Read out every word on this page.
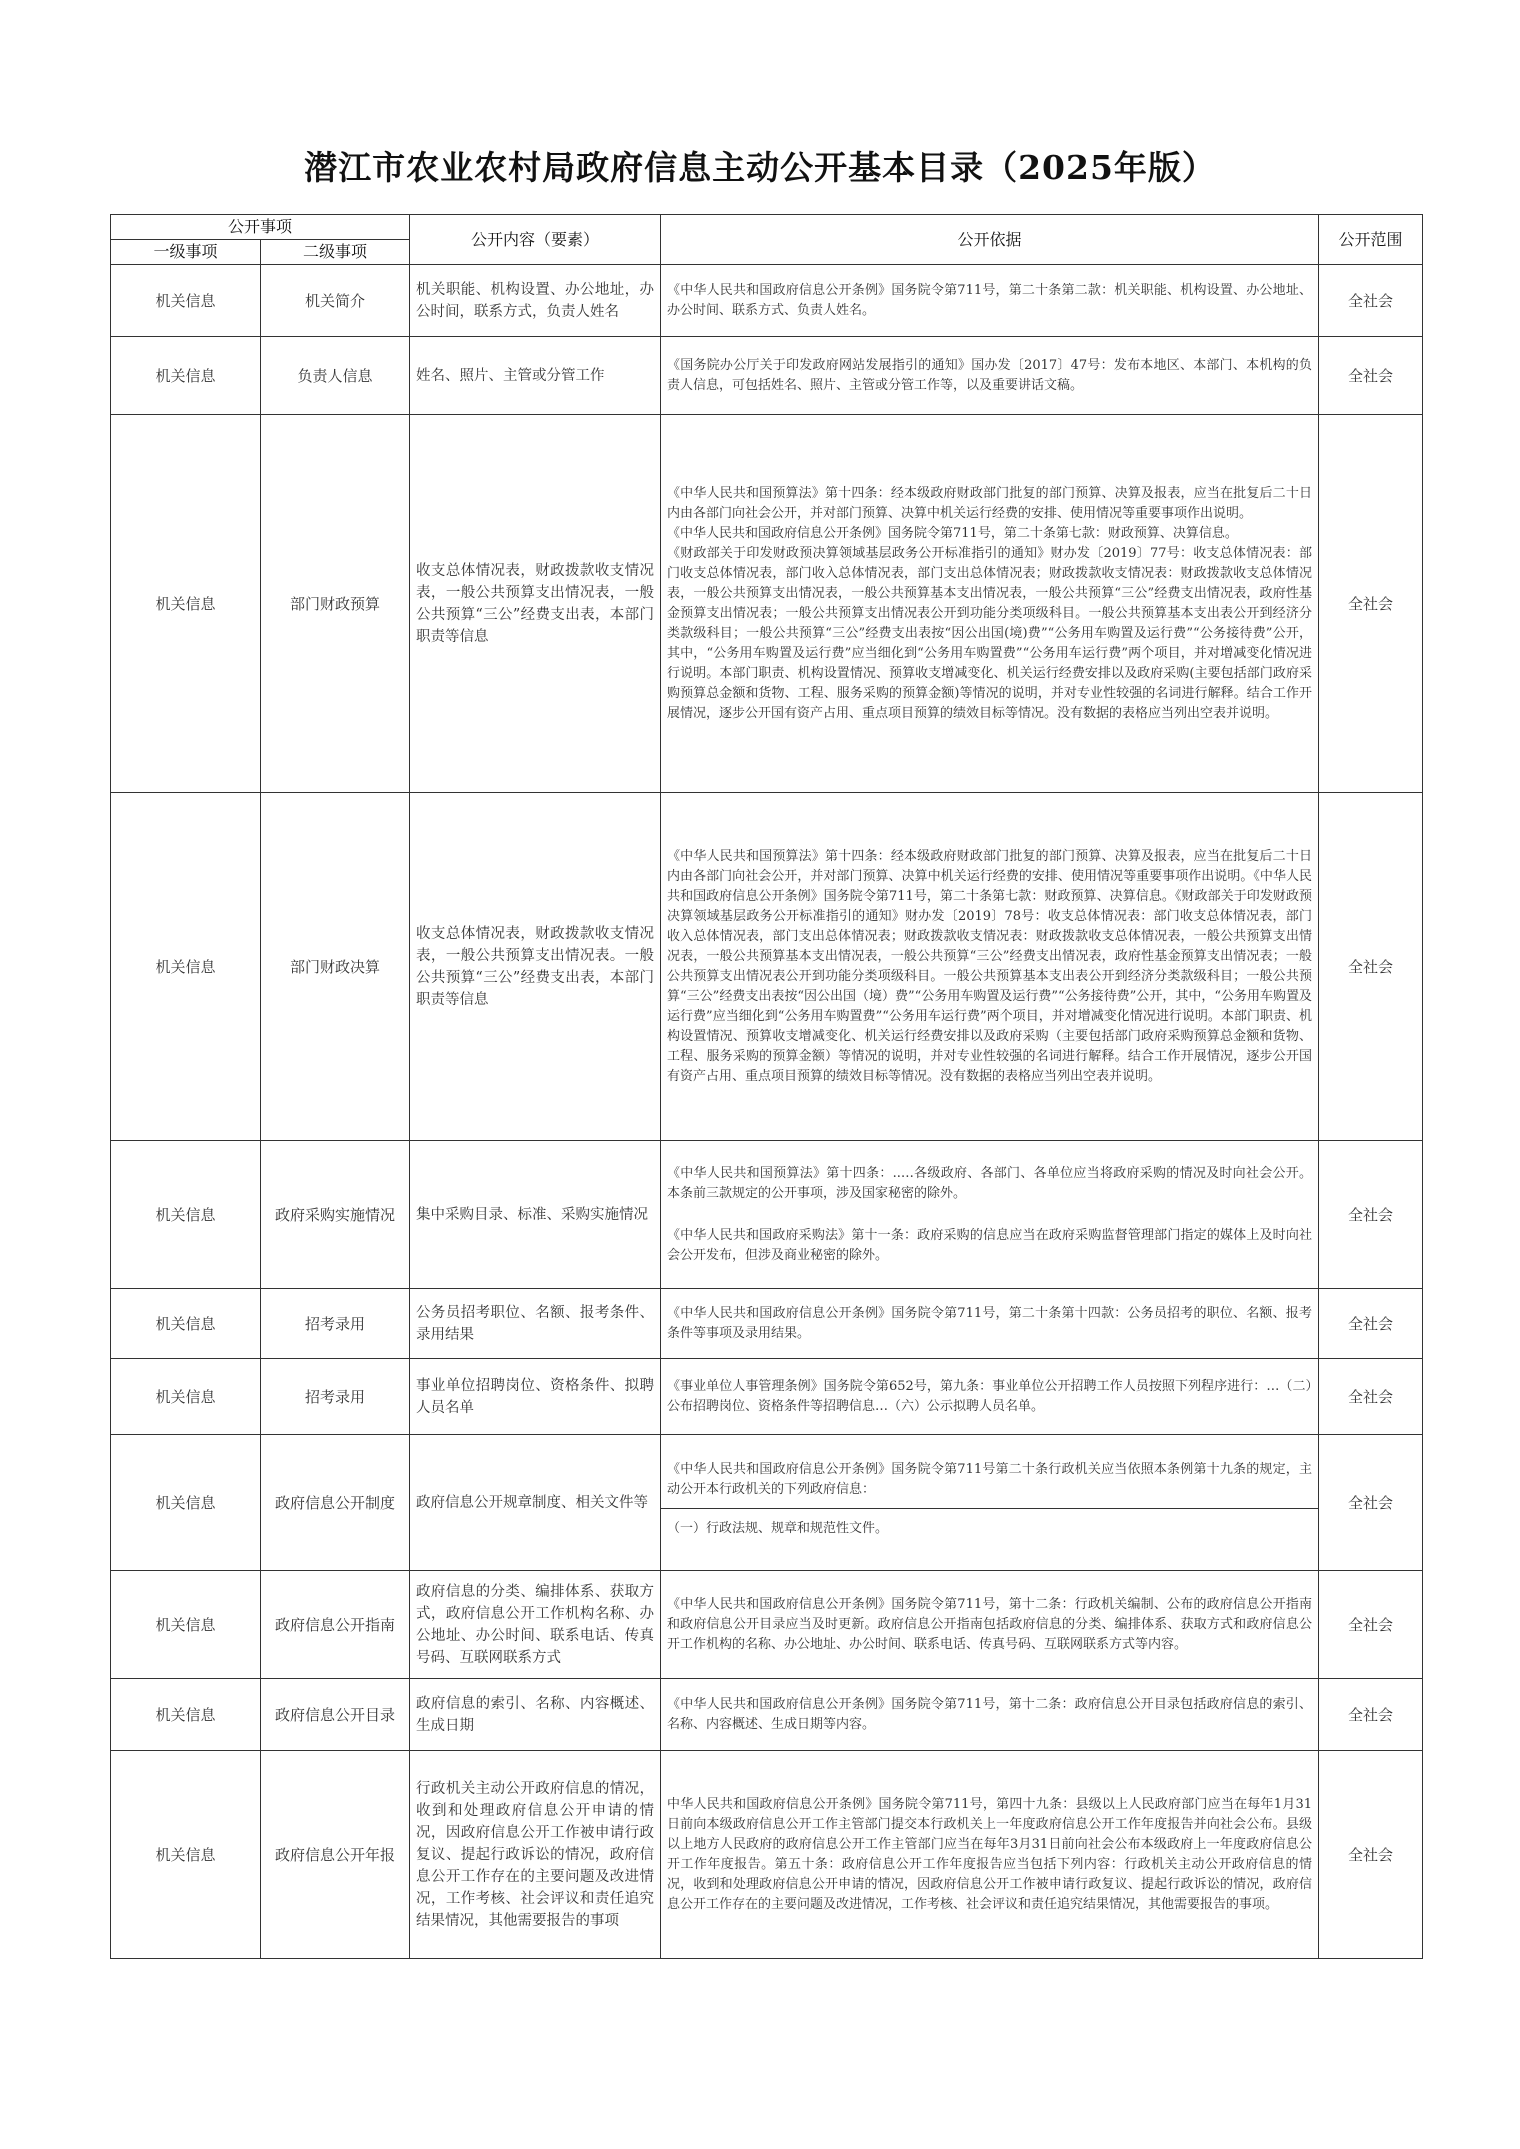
潜江市农业农村局政府信息主动公开基本目录（2025年版）
公开事项		公开内容（要素）	公开依据	公开范围
一级事项	二级事项			
机关信息	机关简介	机关职能、机构设置、办公地址，办公时间，联系方式，负责人姓名	《中华人民共和国政府信息公开条例》国务院令第711号，第二十条第二款：机关职能、机构设置、办公地址、办公时间、联系方式、负责人姓名。	全社会
机关信息	负责人信息	姓名、照片、主管或分管工作	《国务院办公厅关于印发政府网站发展指引的通知》国办发〔2017〕47号：发布本地区、本部门、本机构的负责人信息，可包括姓名、照片、主管或分管工作等，以及重要讲话文稿。	全社会
机关信息	部门财政预算	收支总体情况表，财政拨款收支情况表，一般公共预算支出情况表，一般公共预算“三公”经费支出表，本部门职责等信息	《中华人民共和国预算法》第十四条：经本级政府财政部门批复的部门预算、决算及报表，应当在批复后二十日内由各部门向社会公开，并对部门预算、决算中机关运行经费的安排、使用情况等重要事项作出说明。

《中华人民共和国政府信息公开条例》国务院令第711号，第二十条第七款：财政预算、决算信息。

《财政部关于印发财政预决算领域基层政务公开标准指引的通知》财办发〔2019〕77号：收支总体情况表：部门收支总体情况表，部门收入总体情况表，部门支出总体情况表；财政拨款收支情况表：财政拨款收支总体情况表，一般公共预算支出情况表，一般公共预算基本支出情况表，一般公共预算“三公”经费支出情况表，政府性基金预算支出情况表；一般公共预算支出情况表公开到功能分类项级科目。一般公共预算基本支出表公开到经济分类款级科目；一般公共预算“三公”经费支出表按“因公出国(境)费”“公务用车购置及运行费”“公务接待费”公开，其中，“公务用车购置及运行费”应当细化到“公务用车购置费”“公务用车运行费”两个项目，并对增减变化情况进行说明。本部门职责、机构设置情况、预算收支增减变化、机关运行经费安排以及政府采购(主要包括部门政府采购预算总金额和货物、工程、服务采购的预算金额)等情况的说明，并对专业性较强的名词进行解释。结合工作开展情况，逐步公开国有资产占用、重点项目预算的绩效目标等情况。没有数据的表格应当列出空表并说明。	全社会
机关信息	部门财政决算	收支总体情况表，财政拨款收支情况表，一般公共预算支出情况表。一般公共预算“三公”经费支出表，本部门职责等信息	《中华人民共和国预算法》第十四条：经本级政府财政部门批复的部门预算、决算及报表，应当在批复后二十日内由各部门向社会公开，并对部门预算、决算中机关运行经费的安排、使用情况等重要事项作出说明。《中华人民共和国政府信息公开条例》国务院令第711号，第二十条第七款：财政预算、决算信息。《财政部关于印发财政预决算领域基层政务公开标准指引的通知》财办发〔2019〕78号：收支总体情况表：部门收支总体情况表，部门收入总体情况表，部门支出总体情况表；财政拨款收支情况表：财政拨款收支总体情况表，一般公共预算支出情况表，一般公共预算基本支出情况表，一般公共预算“三公”经费支出情况表，政府性基金预算支出情况表；一般公共预算支出情况表公开到功能分类项级科目。一般公共预算基本支出表公开到经济分类款级科目；一般公共预算“三公”经费支出表按“因公出国（境）费”“公务用车购置及运行费”“公务接待费”公开，其中，“公务用车购置及运行费”应当细化到“公务用车购置费”“公务用车运行费”两个项目，并对增减变化情况进行说明。本部门职责、机构设置情况、预算收支增减变化、机关运行经费安排以及政府采购（主要包括部门政府采购预算总金额和货物、工程、服务采购的预算金额）等情况的说明，并对专业性较强的名词进行解释。结合工作开展情况，逐步公开国有资产占用、重点项目预算的绩效目标等情况。没有数据的表格应当列出空表并说明。	全社会
机关信息	政府采购实施情况	集中采购目录、标准、采购实施情况	《中华人民共和国预算法》第十四条：..…各级政府、各部门、各单位应当将政府采购的情况及时向社会公开。本条前三款规定的公开事项，涉及国家秘密的除外。

《中华人民共和国政府采购法》第十一条：政府采购的信息应当在政府采购监督管理部门指定的媒体上及时向社会公开发布，但涉及商业秘密的除外。	全社会
机关信息	招考录用	公务员招考职位、名额、报考条件、录用结果	《中华人民共和国政府信息公开条例》国务院令第711号，第二十条第十四款：公务员招考的职位、名额、报考条件等事项及录用结果。	全社会
机关信息	招考录用	事业单位招聘岗位、资格条件、拟聘人员名单	《事业单位人事管理条例》国务院令第652号，第九条：事业单位公开招聘工作人员按照下列程序进行：…（二）公布招聘岗位、资格条件等招聘信息…（六）公示拟聘人员名单。	全社会
机关信息	政府信息公开制度	政府信息公开规章制度、相关文件等	《中华人民共和国政府信息公开条例》国务院令第711号第二十条行政机关应当依照本条例第十九条的规定，主动公开本行政机关的下列政府信息：

（一）行政法规、规章和规范性文件。	全社会
机关信息	政府信息公开指南	政府信息的分类、编排体系、获取方式，政府信息公开工作机构名称、办公地址、办公时间、联系电话、传真号码、互联网联系方式	《中华人民共和国政府信息公开条例》国务院令第711号，第十二条：行政机关编制、公布的政府信息公开指南和政府信息公开目录应当及时更新。政府信息公开指南包括政府信息的分类、编排体系、获取方式和政府信息公开工作机构的名称、办公地址、办公时间、联系电话、传真号码、互联网联系方式等内容。	全社会
机关信息	政府信息公开目录	政府信息的索引、名称、内容概述、生成日期	《中华人民共和国政府信息公开条例》国务院令第711号，第十二条：政府信息公开目录包括政府信息的索引、名称、内容概述、生成日期等内容。	全社会
机关信息	政府信息公开年报	行政机关主动公开政府信息的情况，收到和处理政府信息公开申请的情况，因政府信息公开工作被申请行政复议、提起行政诉讼的情况，政府信息公开工作存在的主要问题及改进情况，工作考核、社会评议和责任追究结果情况，其他需要报告的事项	中华人民共和国政府信息公开条例》国务院令第711号，第四十九条：县级以上人民政府部门应当在每年1月31日前向本级政府信息公开工作主管部门提交本行政机关上一年度政府信息公开工作年度报告并向社会公布。县级以上地方人民政府的政府信息公开工作主管部门应当在每年3月31日前向社会公布本级政府上一年度政府信息公开工作年度报告。第五十条：政府信息公开工作年度报告应当包括下列内容：行政机关主动公开政府信息的情况，收到和处理政府信息公开申请的情况，因政府信息公开工作被申请行政复议、提起行政诉讼的情况，政府信息公开工作存在的主要问题及改进情况，工作考核、社会评议和责任追究结果情况，其他需要报告的事项。	全社会
